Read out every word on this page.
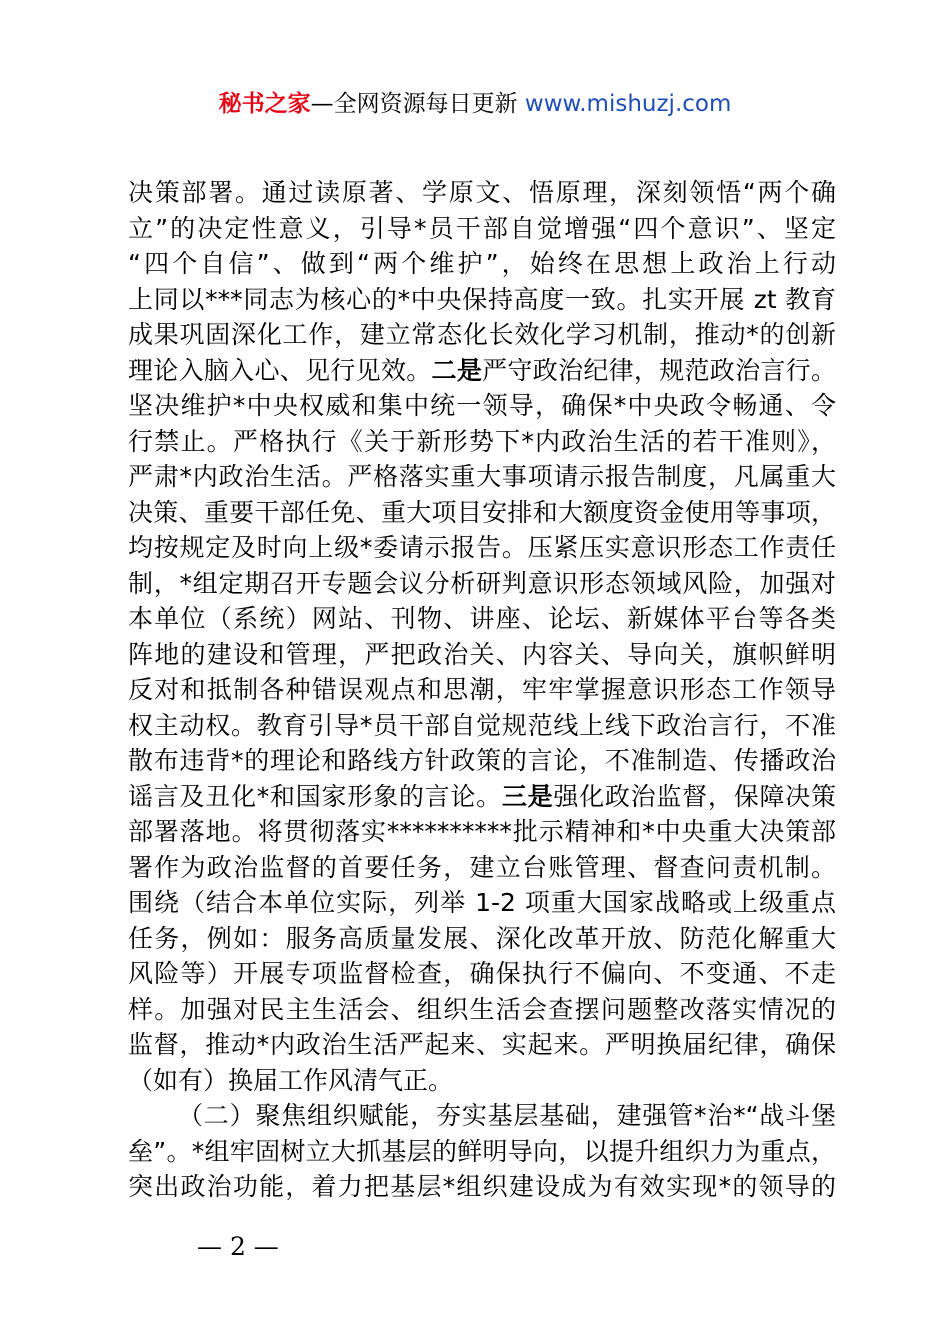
秘书之家—全网资源每日更新 www.mishuzj.com
决策部署。通过读原著、学原文、悟原理，深刻领悟“两个确
立”的决定性意义，引导*员干部自觉增强“四个意识”、坚定
“四个自信”、做到“两个维护”，始终在思想上政治上行动
上同以***同志为核心的*中央保持高度一致。扎实开展 zt 教育
成果巩固深化工作，建立常态化长效化学习机制，推动*的创新
理论入脑入心、见行见效。二是严守政治纪律，规范政治言行。
坚决维护*中央权威和集中统一领导，确保*中央政令畅通、令
行禁止。严格执行《关于新形势下*内政治生活的若干准则》，
严肃*内政治生活。严格落实重大事项请示报告制度，凡属重大
决策、重要干部任免、重大项目安排和大额度资金使用等事项，
均按规定及时向上级*委请示报告。压紧压实意识形态工作责任
制，*组定期召开专题会议分析研判意识形态领域风险，加强对
本单位（系统）网站、刊物、讲座、论坛、新媒体平台等各类
阵地的建设和管理，严把政治关、内容关、导向关，旗帜鲜明
反对和抵制各种错误观点和思潮，牢牢掌握意识形态工作领导
权主动权。教育引导*员干部自觉规范线上线下政治言行，不准
散布违背*的理论和路线方针政策的言论，不准制造、传播政治
谣言及丑化*和国家形象的言论。三是强化政治监督，保障决策
部署落地。将贯彻落实**********批示精神和*中央重大决策部
署作为政治监督的首要任务，建立台账管理、督查问责机制。
围绕（结合本单位实际，列举 1-2 项重大国家战略或上级重点
任务，例如：服务高质量发展、深化改革开放、防范化解重大
风险等）开展专项监督检查，确保执行不偏向、不变通、不走
样。加强对民主生活会、组织生活会查摆问题整改落实情况的
监督，推动*内政治生活严起来、实起来。严明换届纪律，确保
（如有）换届工作风清气正。
（二）聚焦组织赋能，夯实基层基础，建强管*治*“战斗堡
垒”。*组牢固树立大抓基层的鲜明导向，以提升组织力为重点，
突出政治功能，着力把基层*组织建设成为有效实现*的领导的
— 2 —
